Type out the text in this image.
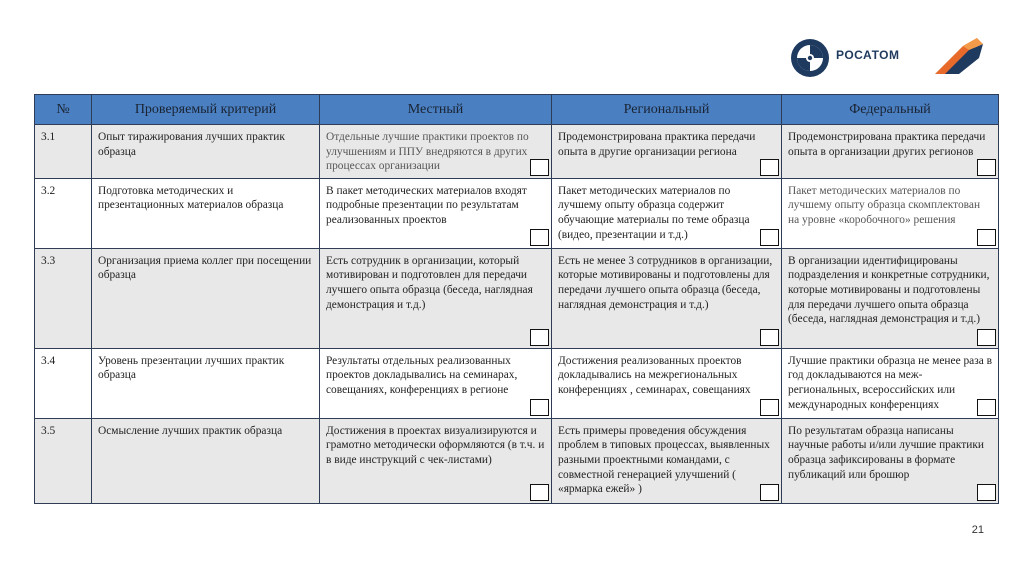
РОСАТОМ
№	Проверяемый критерий	Местный	Региональный	Федеральный
3.1	Опыт тиражирования лучших практик образца	Отдельные лучшие практики проектов по улучшениям и ППУ внедряются в других процессах организации	Продемонстрирована практика передачи опыта в другие организации региона	Продемонстрирована практика передачи опыта в организации других регионов

3.2	Подготовка методических и презентационных материалов образца	В пакет методических материалов входят подробные презентации по результатам реализованных проектов	Пакет методических материалов по лучшему опыту образца содержит обучающие материалы по теме образца (видео, презентации и т.д.)	Пакет методических материалов по лучшему опыту образца скомплектован на уровне «коробочного» решения

3.3	Организация приема коллег при посещении образца	Есть сотрудник в организации, который мотивирован и подготовлен для передачи лучшего опыта образца (беседа, наглядная демонстрация и т.д.)	Есть не менее 3 сотрудников в организации, которые мотивированы и подготовлены для передачи лучшего опыта образца (беседа, наглядная демонстрация и т.д.)	В организации идентифицированы подразделения и конкретные сотрудники, которые мотивированы и подготовлены для передачи лучшего опыта образца (беседа, наглядная демонстрация и т.д.)

3.4	Уровень презентации лучших практик образца	Результаты отдельных реализованных проектов докладывались на семинарах, совещаниях, конференциях в регионе	Достижения реализованных проектов докладывались на межрегиональных конференциях , семинарах, совещаниях	Лучшие практики образца не менее раза в год докладываются на меж-региональных, всероссийских или международных конференциях

3.5	Осмысление лучших практик образца	Достижения в проектах визуализируются и грамотно методически оформляются (в т.ч. и в виде инструкций с чек-листами)	Есть примеры проведения обсуждения проблем в типовых процессах, выявленных разными проектными командами, с совместной генерацией улучшений ( «ярмарка ежей» )	По результатам образца написаны научные работы и/или лучшие практики образца зафиксированы в формате публикаций или брошюр
21
